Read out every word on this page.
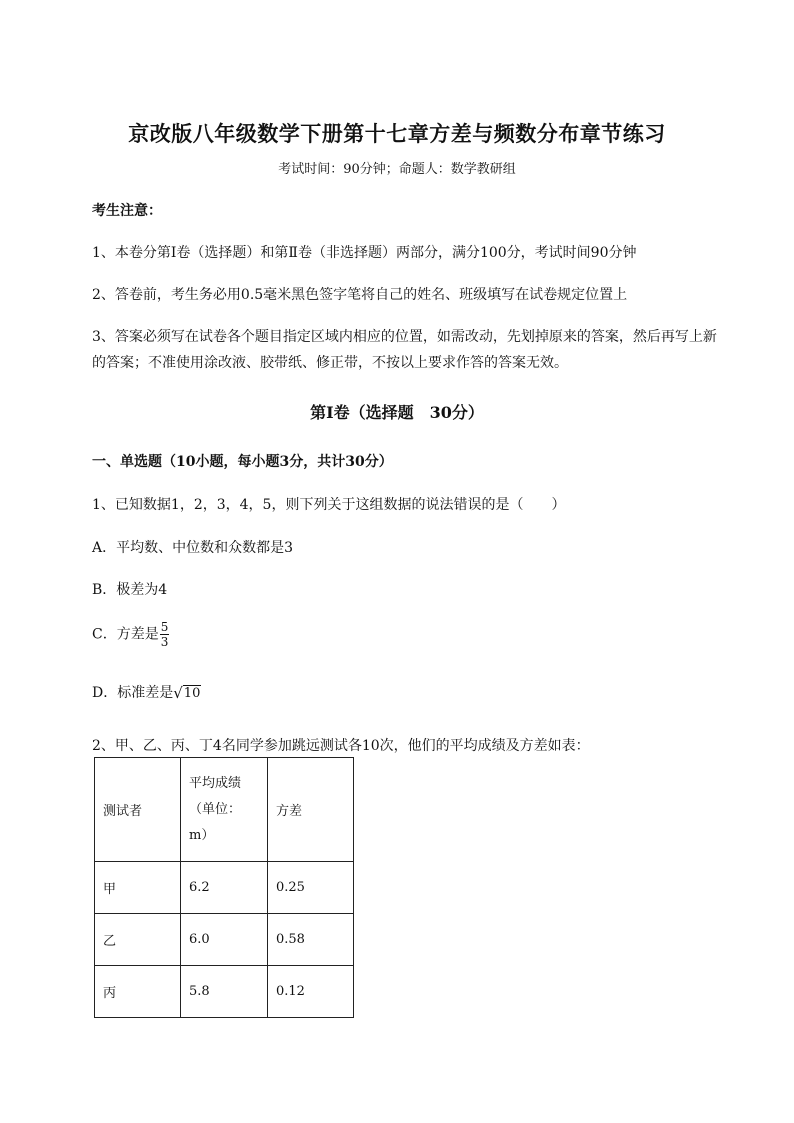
京改版八年级数学下册第十七章方差与频数分布章节练习
考试时间：90分钟；命题人：数学教研组
考生注意：
1、本卷分第I卷（选择题）和第Ⅱ卷（非选择题）两部分，满分100分，考试时间90分钟
2、答卷前，考生务必用0.5毫米黑色签字笔将自己的姓名、班级填写在试卷规定位置上
3、答案必须写在试卷各个题目指定区域内相应的位置，如需改动，先划掉原来的答案，然后再写上新
的答案；不准使用涂改液、胶带纸、修正带，不按以上要求作答的答案无效。
第I卷（选择题　30分）
一、单选题（10小题，每小题3分，共计30分）
1、已知数据1，2，3，4，5，则下列关于这组数据的说法错误的是（　　）
A．平均数、中位数和众数都是3
B．极差为4
C．方差是 $\frac{5}{3}$
D．标准差是 √ 10
2、甲、乙、丙、丁4名同学参加跳远测试各10次，他们的平均成绩及方差如表：
测试者	平均成绩（单位：m）	方差
甲	6.2	0.25
乙	6.0	0.58
丙	5.8	0.12
